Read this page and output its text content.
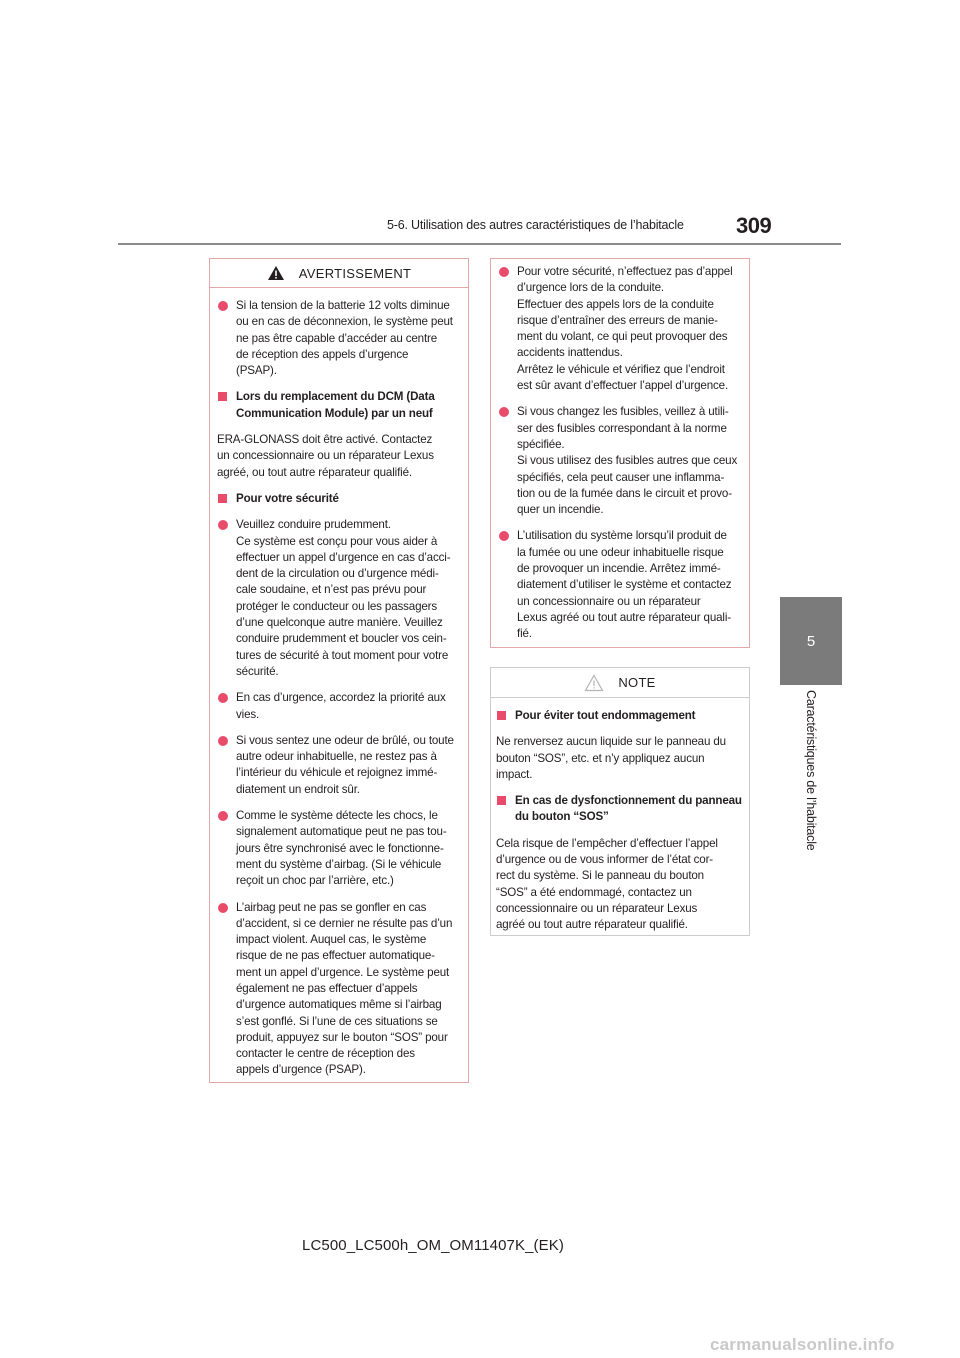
5-6. Utilisation des autres caractéristiques de l’habitacle 309
5
Caractéristiques de l’habitacle
AVERTISSEMENT
Si la tension de la batterie 12 volts diminue
ou en cas de déconnexion, le système peut
ne pas être capable d’accéder au centre
de réception des appels d’urgence
(PSAP).
Lors du remplacement du DCM (Data
Communication Module) par un neuf
ERA-GLONASS doit être activé. Contactez
un concessionnaire ou un réparateur Lexus
agréé, ou tout autre réparateur qualifié.
Pour votre sécurité
Veuillez conduire prudemment.
Ce système est conçu pour vous aider à
effectuer un appel d’urgence en cas d’acci-
dent de la circulation ou d’urgence médi-
cale soudaine, et n’est pas prévu pour
protéger le conducteur ou les passagers
d’une quelconque autre manière. Veuillez
conduire prudemment et boucler vos cein-
tures de sécurité à tout moment pour votre
sécurité.
En cas d’urgence, accordez la priorité aux
vies.
Si vous sentez une odeur de brûlé, ou toute
autre odeur inhabituelle, ne restez pas à
l’intérieur du véhicule et rejoignez immé-
diatement un endroit sûr.
Comme le système détecte les chocs, le
signalement automatique peut ne pas tou-
jours être synchronisé avec le fonctionne-
ment du système d’airbag. (Si le véhicule
reçoit un choc par l’arrière, etc.)
L’airbag peut ne pas se gonfler en cas
d’accident, si ce dernier ne résulte pas d’un
impact violent. Auquel cas, le système
risque de ne pas effectuer automatique-
ment un appel d’urgence. Le système peut
également ne pas effectuer d’appels
d’urgence automatiques même si l’airbag
s’est gonflé. Si l’une de ces situations se
produit, appuyez sur le bouton “SOS” pour
contacter le centre de réception des
appels d’urgence (PSAP).
Pour votre sécurité, n’effectuez pas d’appel
d’urgence lors de la conduite.
Effectuer des appels lors de la conduite
risque d’entraîner des erreurs de manie-
ment du volant, ce qui peut provoquer des
accidents inattendus.
Arrêtez le véhicule et vérifiez que l’endroit
est sûr avant d’effectuer l’appel d’urgence.
Si vous changez les fusibles, veillez à utili-
ser des fusibles correspondant à la norme
spécifiée.
Si vous utilisez des fusibles autres que ceux
spécifiés, cela peut causer une inflamma-
tion ou de la fumée dans le circuit et provo-
quer un incendie.
L’utilisation du système lorsqu’il produit de
la fumée ou une odeur inhabituelle risque
de provoquer un incendie. Arrêtez immé-
diatement d’utiliser le système et contactez
un concessionnaire ou un réparateur
Lexus agréé ou tout autre réparateur quali-
fié.
NOTE
Pour éviter tout endommagement
Ne renversez aucun liquide sur le panneau du
bouton “SOS”, etc. et n’y appliquez aucun
impact.
En cas de dysfonctionnement du panneau
du bouton “SOS”
Cela risque de l’empêcher d’effectuer l’appel
d’urgence ou de vous informer de l’état cor-
rect du système. Si le panneau du bouton
“SOS” a été endommagé, contactez un
concessionnaire ou un réparateur Lexus
agréé ou tout autre réparateur qualifié.
LC500_LC500h_OM_OM11407K_(EK)
carmanualsonline.info
